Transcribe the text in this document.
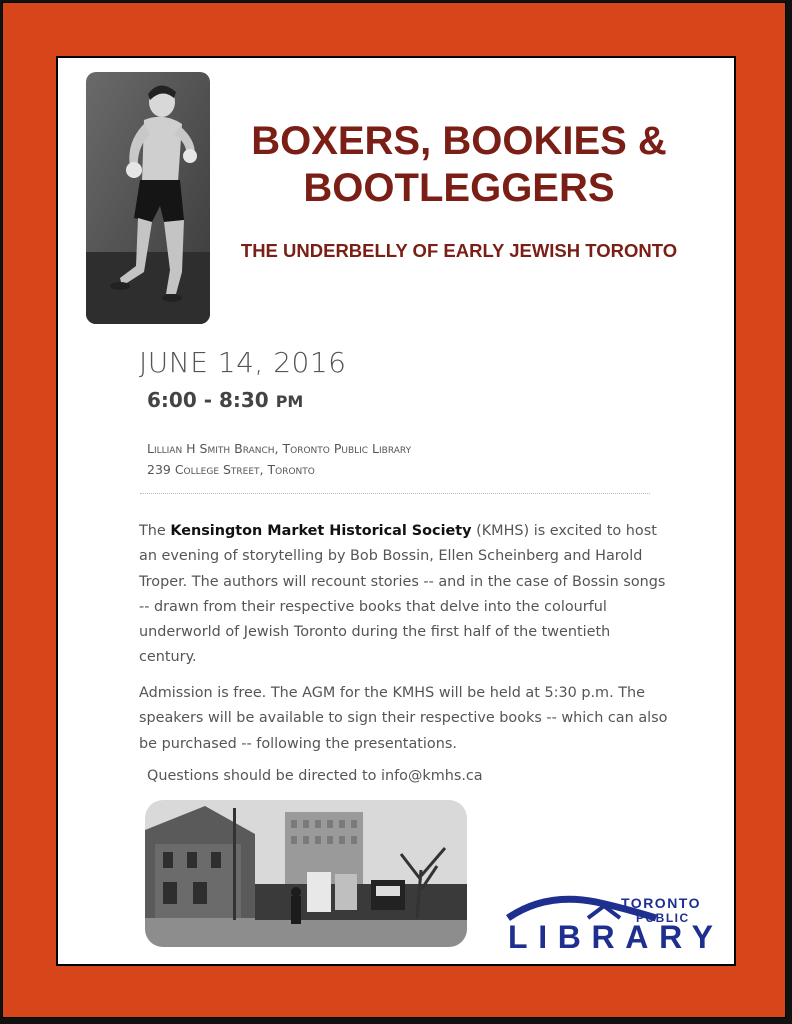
BOXERS, BOOKIES & BOOTLEGGERS
THE UNDERBELLY OF EARLY JEWISH TORONTO

JUNE 14, 2016

6:00 - 8:30 PM

Lillian H Smith Branch, Toronto Public Library
239 College Street, Toronto

The Kensington Market Historical Society (KMHS) is excited to host an evening of storytelling by Bob Bossin, Ellen Scheinberg and Harold Troper. The authors will recount stories -- and in the case of Bossin songs -- drawn from their respective books that delve into the colourful underworld of Jewish Toronto during the first half of the twentieth century.

Admission is free. The AGM for the KMHS will be held at 5:30 p.m. The speakers will be available to sign their respective books -- which can also be purchased -- following the presentations.

Questions should be directed to info@kmhs.ca

TORONTO
PUBLIC
LIBRARY
